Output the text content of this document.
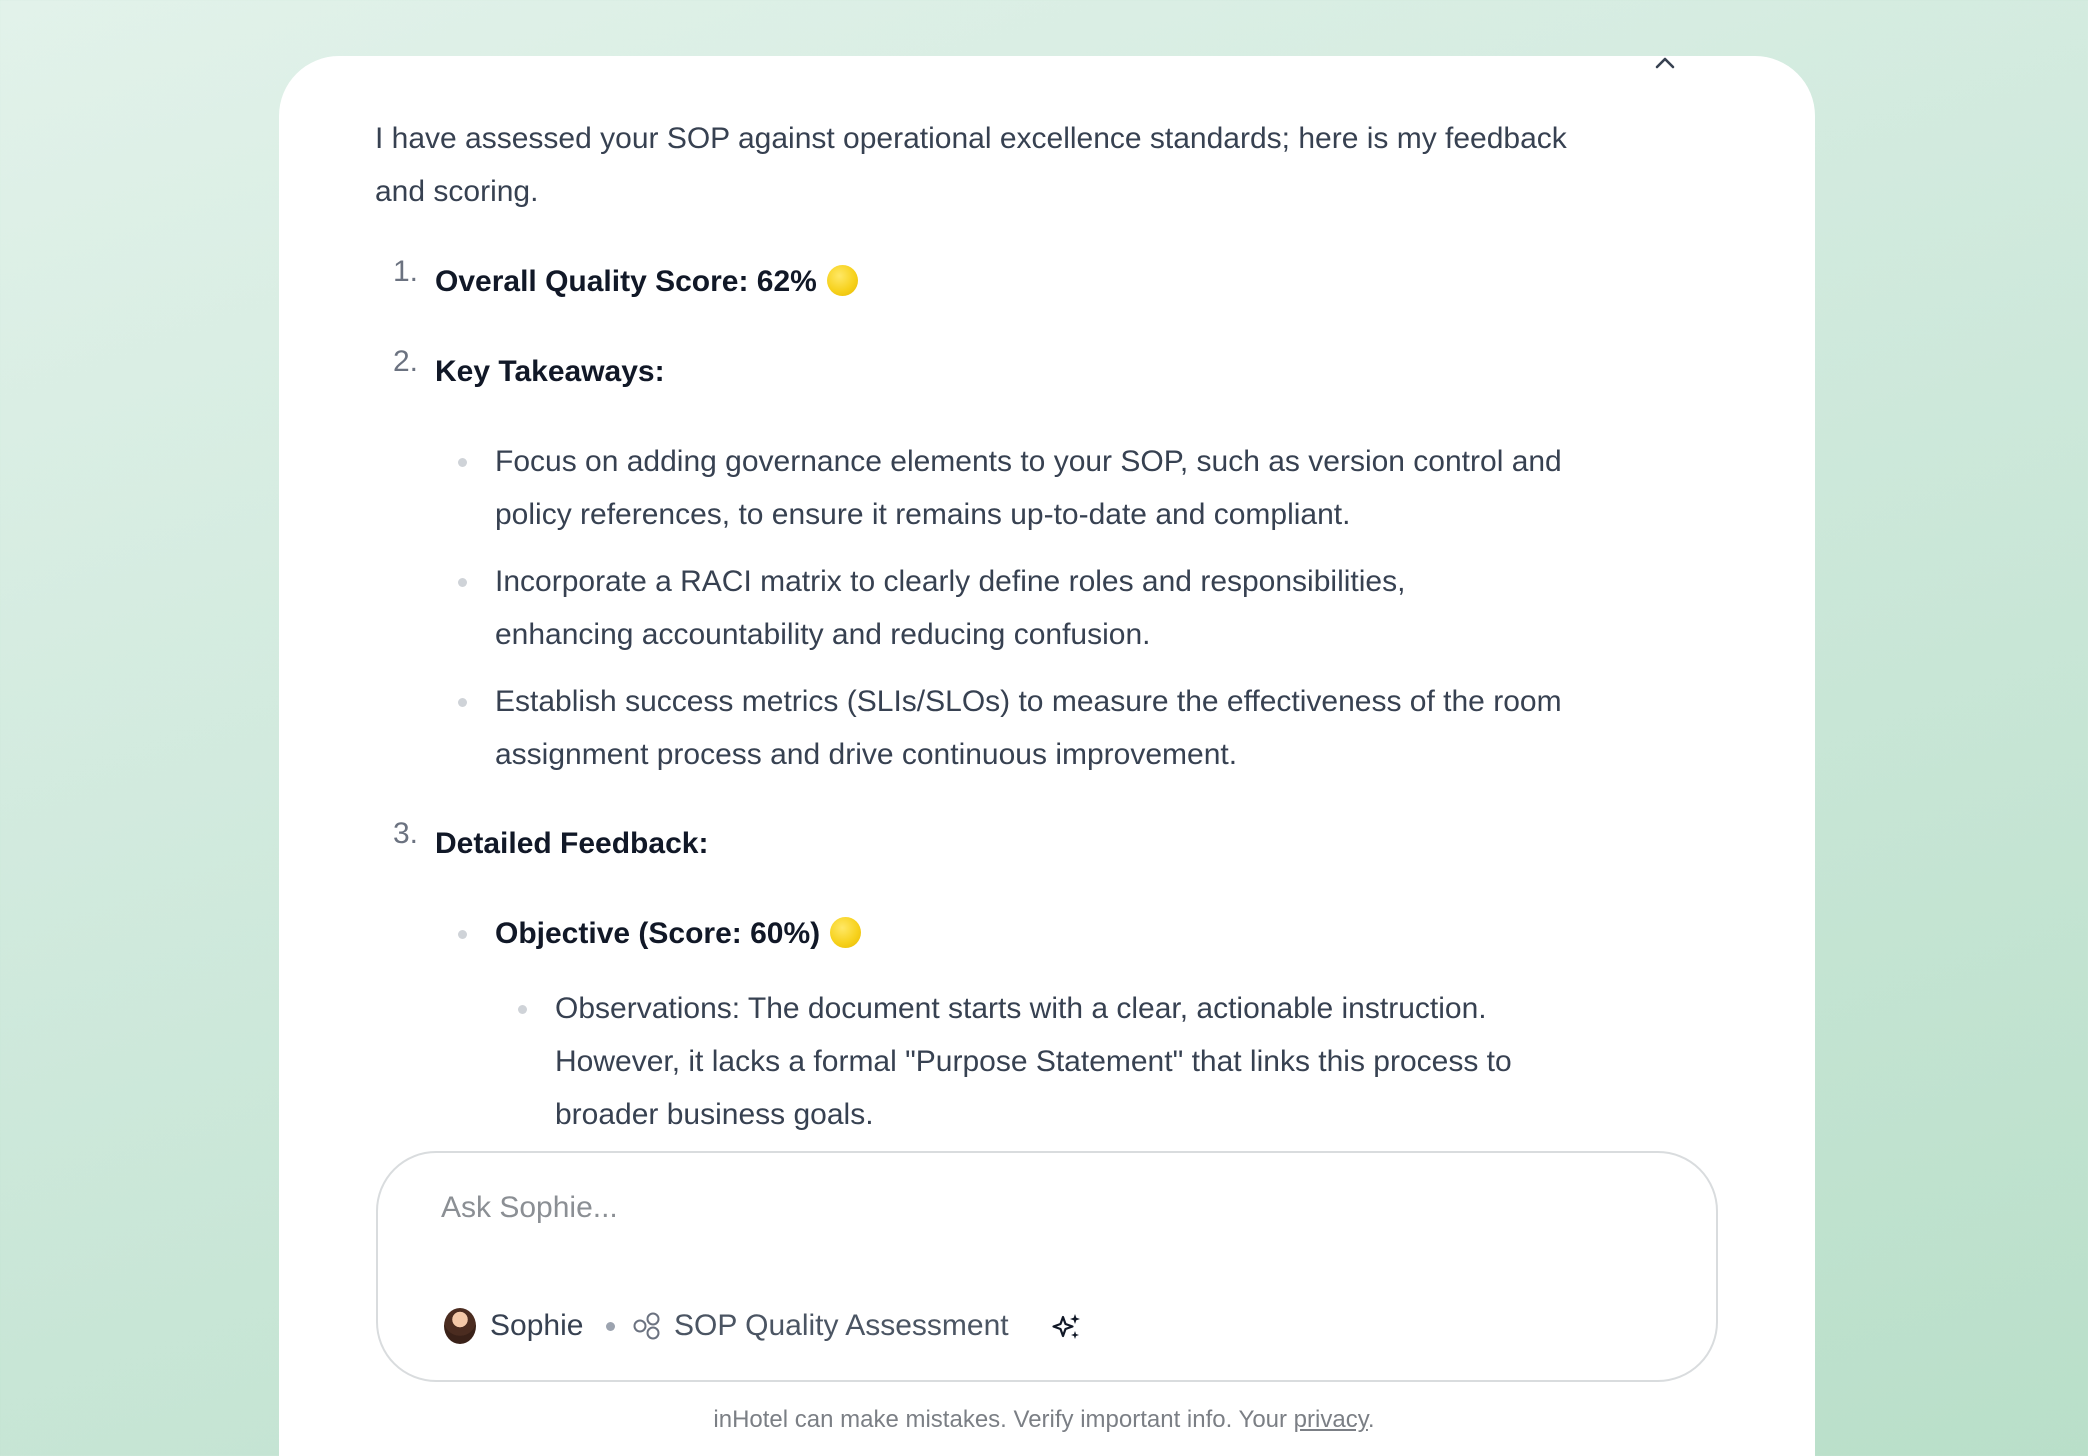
I have assessed your SOP against operational excellence standards; here is my feedback and scoring.

1. Overall Quality Score: 62%
2. Key Takeaways:
Focus on adding governance elements to your SOP, such as version control and policy references, to ensure it remains up-to-date and compliant.
Incorporate a RACI matrix to clearly define roles and responsibilities, enhancing accountability and reducing confusion.
Establish success metrics (SLIs/SLOs) to measure the effectiveness of the room assignment process and drive continuous improvement.
3. Detailed Feedback:
Objective (Score: 60%)
Observations: The document starts with a clear, actionable instruction. However, it lacks a formal "Purpose Statement" that links this process to broader business goals.
Ask Sophie...
Sophie	SOP Quality Assessment
inHotel can make mistakes. Verify important info. Your privacy.
